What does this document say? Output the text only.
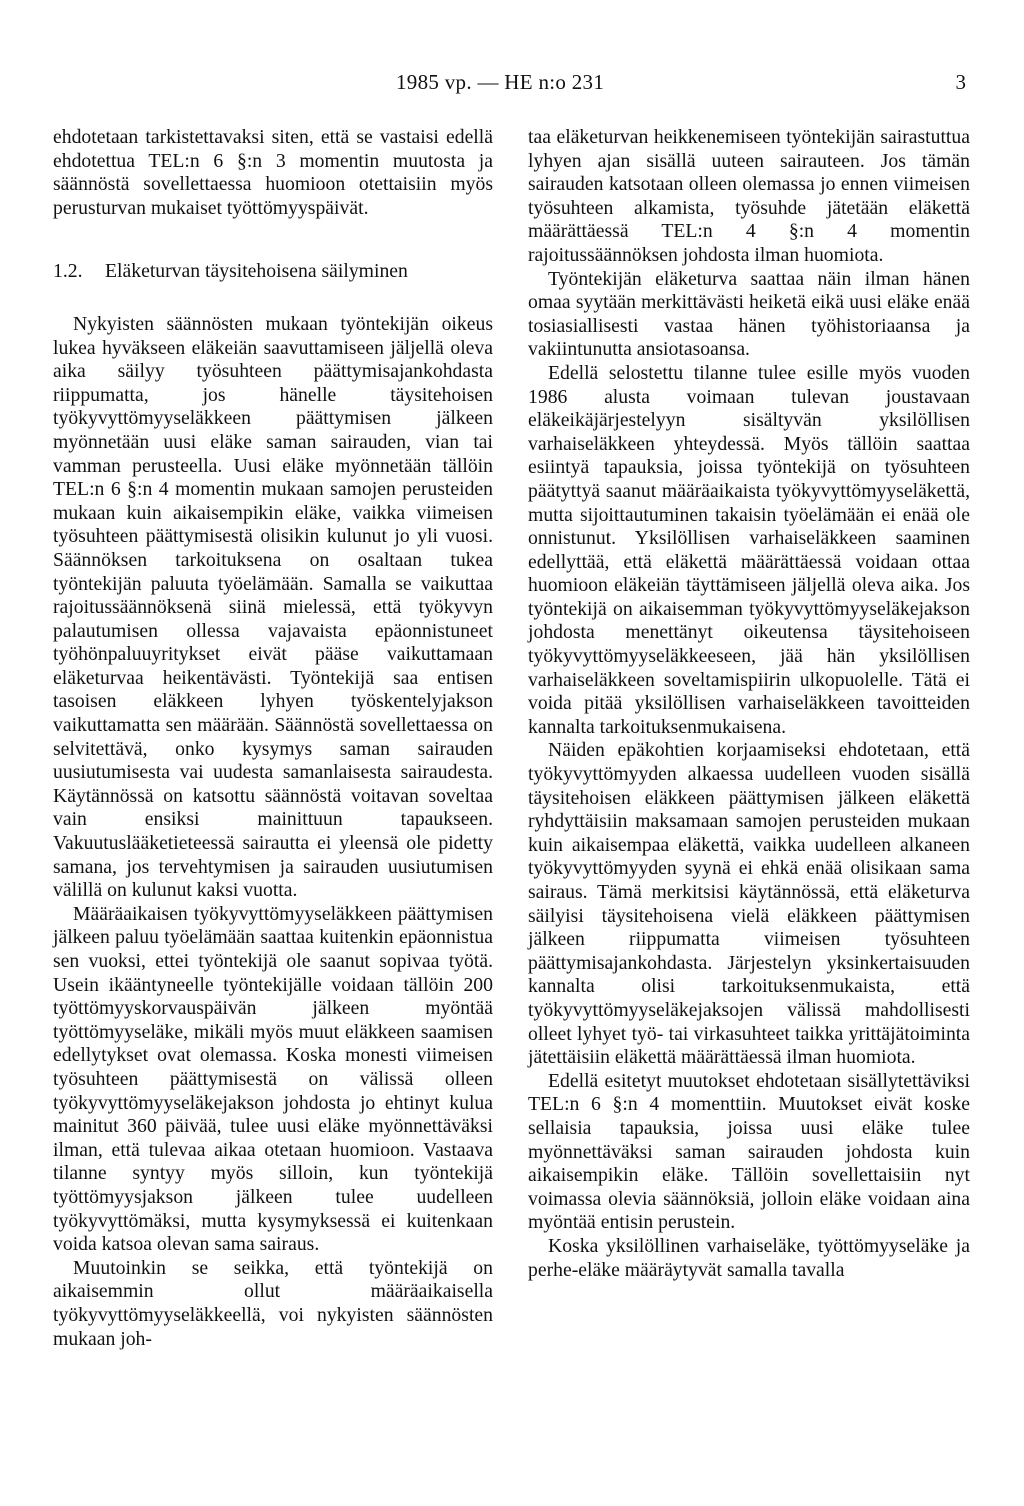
1985 vp. — HE n:o 231	3

ehdotetaan tarkistettavaksi siten, että se vastaisi edellä ehdotettua TEL:n 6 §:n 3 momentin muutosta ja säännöstä sovellettaessa huomioon otettaisiin myös perusturvan mukaiset työttömyyspäivät.

1.2. Eläketurvan täysitehoisena säilyminen

Nykyisten säännösten mukaan työntekijän oikeus lukea hyväkseen eläkeiän saavuttamiseen jäljellä oleva aika säilyy työsuhteen päättymisajankohdasta riippumatta, jos hänelle täysitehoisen työkyvyttömyyseläkkeen päättymisen jälkeen myönnetään uusi eläke saman sairauden, vian tai vamman perusteella. Uusi eläke myönnetään tällöin TEL:n 6 §:n 4 momentin mukaan samojen perusteiden mukaan kuin aikaisempikin eläke, vaikka viimeisen työsuhteen päättymisestä olisikin kulunut jo yli vuosi. Säännöksen tarkoituksena on osaltaan tukea työntekijän paluuta työelämään. Samalla se vaikuttaa rajoitussäännöksenä siinä mielessä, että työkyvyn palautumisen ollessa vajavaista epäonnistuneet työhönpaluuyritykset eivät pääse vaikuttamaan eläketurvaa heikentävästi. Työntekijä saa entisen tasoisen eläkkeen lyhyen työskentelyjakson vaikuttamatta sen määrään. Säännöstä sovellettaessa on selvitettävä, onko kysymys saman sairauden uusiutumisesta vai uudesta samanlaisesta sairaudesta. Käytännössä on katsottu säännöstä voitavan soveltaa vain ensiksi mainittuun tapaukseen. Vakuutuslääketieteessä sairautta ei yleensä ole pidetty samana, jos tervehtymisen ja sairauden uusiutumisen välillä on kulunut kaksi vuotta.

Määräaikaisen työkyvyttömyyseläkkeen päättymisen jälkeen paluu työelämään saattaa kuitenkin epäonnistua sen vuoksi, ettei työntekijä ole saanut sopivaa työtä. Usein ikääntyneelle työntekijälle voidaan tällöin 200 työttömyyskorvauspäivän jälkeen myöntää työttömyyseläke, mikäli myös muut eläkkeen saamisen edellytykset ovat olemassa. Koska monesti viimeisen työsuhteen päättymisestä on välissä olleen työkyvyttömyyseläkejakson johdosta jo ehtinyt kulua mainitut 360 päivää, tulee uusi eläke myönnettäväksi ilman, että tulevaa aikaa otetaan huomioon. Vastaava tilanne syntyy myös silloin, kun työntekijä työttömyysjakson jälkeen tulee uudelleen työkyvyttömäksi, mutta kysymyksessä ei kuitenkaan voida katsoa olevan sama sairaus.

Muutoinkin se seikka, että työntekijä on aikaisemmin ollut määräaikaisella työkyvyttömyyseläkkeellä, voi nykyisten säännösten mukaan joh-

taa eläketurvan heikkenemiseen työntekijän sairastuttua lyhyen ajan sisällä uuteen sairauteen. Jos tämän sairauden katsotaan olleen olemassa jo ennen viimeisen työsuhteen alkamista, työsuhde jätetään eläkettä määrättäessä TEL:n 4 §:n 4 momentin rajoitussäännöksen johdosta ilman huomiota.

Työntekijän eläketurva saattaa näin ilman hänen omaa syytään merkittävästi heiketä eikä uusi eläke enää tosiasiallisesti vastaa hänen työhistoriaansa ja vakiintunutta ansiotasoansa.

Edellä selostettu tilanne tulee esille myös vuoden 1986 alusta voimaan tulevan joustavaan eläkeikäjärjestelyyn sisältyvän yksilöllisen varhaiseläkkeen yhteydessä. Myös tällöin saattaa esiintyä tapauksia, joissa työntekijä on työsuhteen päätyttyä saanut määräaikaista työkyvyttömyyseläkettä, mutta sijoittautuminen takaisin työelämään ei enää ole onnistunut. Yksilöllisen varhaiseläkkeen saaminen edellyttää, että eläkettä määrättäessä voidaan ottaa huomioon eläkeiän täyttämiseen jäljellä oleva aika. Jos työntekijä on aikaisemman työkyvyttömyyseläkejakson johdosta menettänyt oikeutensa täysitehoiseen työkyvyttömyyseläkkeeseen, jää hän yksilöllisen varhaiseläkkeen soveltamispiirin ulkopuolelle. Tätä ei voida pitää yksilöllisen varhaiseläkkeen tavoitteiden kannalta tarkoituksenmukaisena.

Näiden epäkohtien korjaamiseksi ehdotetaan, että työkyvyttömyyden alkaessa uudelleen vuoden sisällä täysitehoisen eläkkeen päättymisen jälkeen eläkettä ryhdyttäisiin maksamaan samojen perusteiden mukaan kuin aikaisempaa eläkettä, vaikka uudelleen alkaneen työkyvyttömyyden syynä ei ehkä enää olisikaan sama sairaus. Tämä merkitsisi käytännössä, että eläketurva säilyisi täysitehoisena vielä eläkkeen päättymisen jälkeen riippumatta viimeisen työsuhteen päättymisajankohdasta. Järjestelyn yksinkertaisuuden kannalta olisi tarkoituksenmukaista, että työkyvyttömyyseläkejaksojen välissä mahdollisesti olleet lyhyet työ- tai virkasuhteet taikka yrittäjätoiminta jätettäisiin eläkettä määrättäessä ilman huomiota.

Edellä esitetyt muutokset ehdotetaan sisällytettäviksi TEL:n 6 §:n 4 momenttiin. Muutokset eivät koske sellaisia tapauksia, joissa uusi eläke tulee myönnettäväksi saman sairauden johdosta kuin aikaisempikin eläke. Tällöin sovellettaisiin nyt voimassa olevia säännöksiä, jolloin eläke voidaan aina myöntää entisin perustein.

Koska yksilöllinen varhaiseläke, työttömyyseläke ja perhe-eläke määräytyvät samalla tavalla
